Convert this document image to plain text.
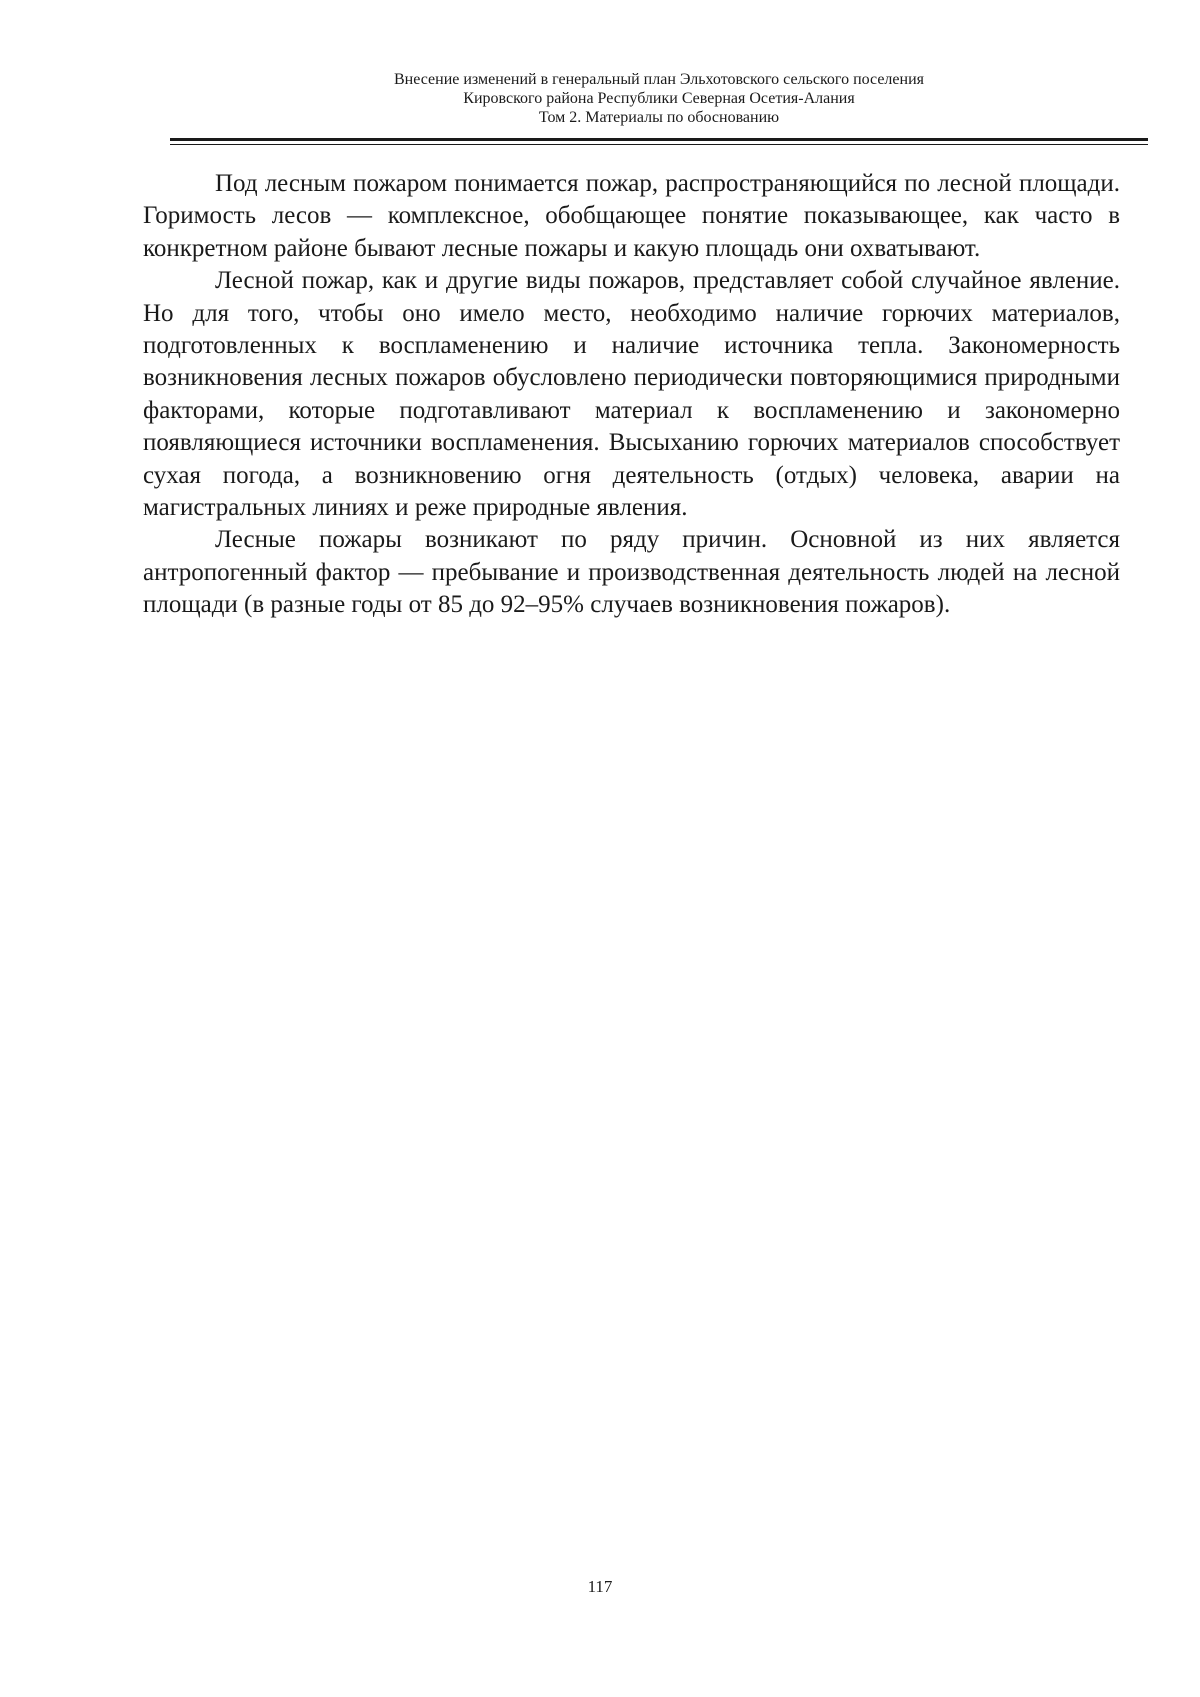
Внесение изменений в генеральный план Эльхотовского сельского поселения
Кировского района Республики Северная Осетия-Алания
Том 2. Материалы по обоснованию

Под лесным пожаром понимается пожар, распространяющийся по лесной площади. Горимость лесов — комплексное, обобщающее понятие показывающее, как часто в конкретном районе бывают лесные пожары и какую площадь они охватывают.

Лесной пожар, как и другие виды пожаров, представляет собой случайное явление. Но для того, чтобы оно имело место, необходимо наличие горючих материалов, подготовленных к воспламенению и наличие источника тепла. Закономерность возникновения лесных пожаров обусловлено периодически повторяющимися природными факторами, которые подготавливают материал к воспламенению и закономерно появляющиеся источники воспламенения. Высыханию горючих материалов способствует сухая погода, а возникновению огня деятельность (отдых) человека, аварии на магистральных линиях и реже природные явления.

Лесные пожары возникают по ряду причин. Основной из них является антропогенный фактор — пребывание и производственная деятельность людей на лесной площади (в разные годы от 85 до 92–95% случаев возникновения пожаров).

117
